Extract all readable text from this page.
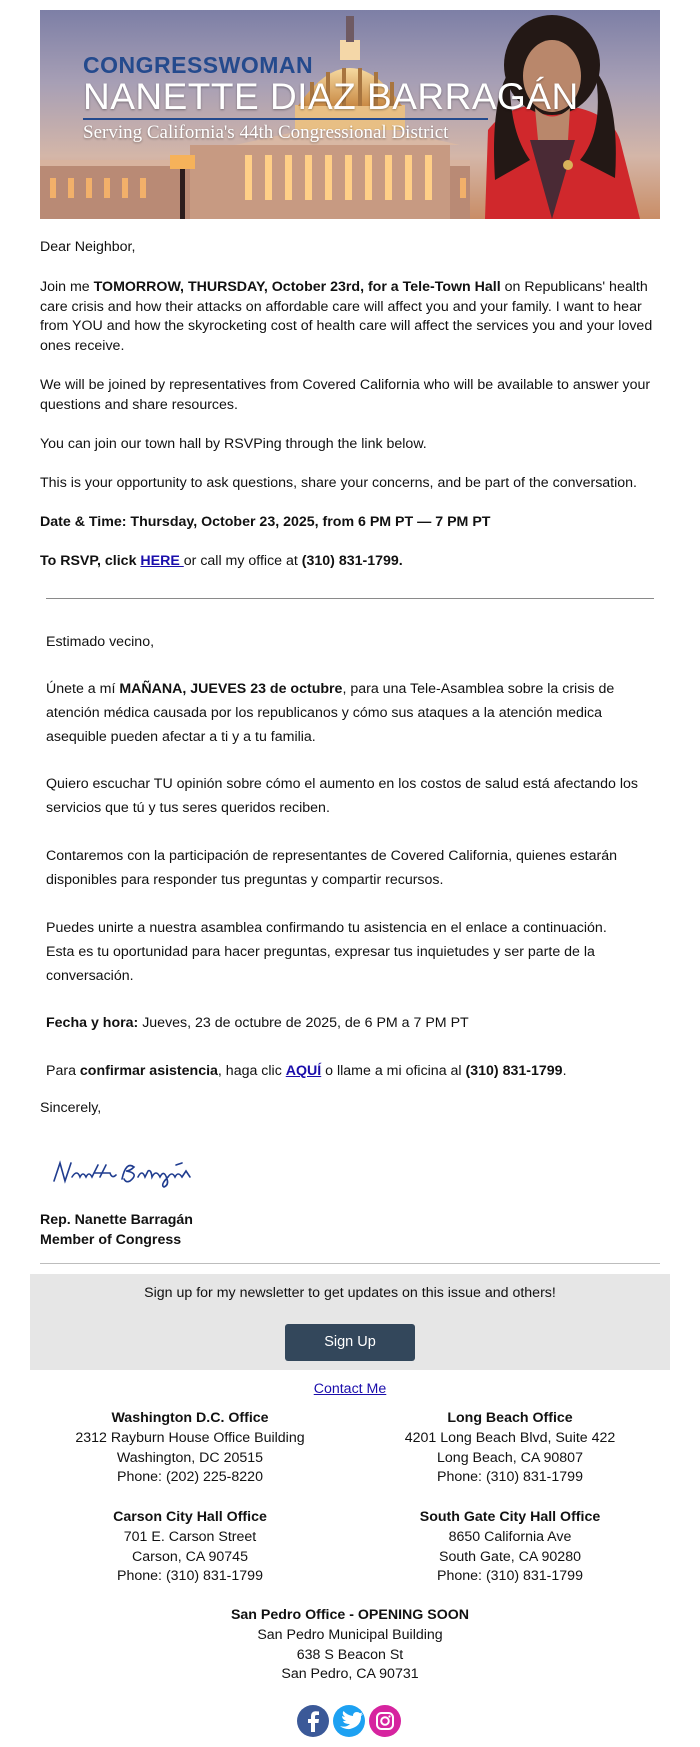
CONGRESSWOMAN
NANETTE DIAZ BARRAGÁN
Serving California's 44th Congressional District
Dear Neighbor,
Join me TOMORROW, THURSDAY, October 23rd, for a Tele-Town Hall on Republicans' health care crisis and how their attacks on affordable care will affect you and your family. I want to hear from YOU and how the skyrocketing cost of health care will affect the services you and your loved ones receive.
We will be joined by representatives from Covered California who will be available to answer your questions and share resources.
You can join our town hall by RSVPing through the link below.
This is your opportunity to ask questions, share your concerns, and be part of the conversation.
Date & Time: Thursday, October 23, 2025, from 6 PM PT — 7 PM PT
To RSVP, click HERE or call my office at (310) 831-1799.
Estimado vecino,
Únete a mí MAÑANA, JUEVES 23 de octubre, para una Tele-Asamblea sobre la crisis de atención médica causada por los republicanos y cómo sus ataques a la atención medica asequible pueden afectar a ti y a tu familia.
Quiero escuchar TU opinión sobre cómo el aumento en los costos de salud está afectando los servicios que tú y tus seres queridos reciben.
Contaremos con la participación de representantes de Covered California, quienes estarán disponibles para responder tus preguntas y compartir recursos.
Puedes unirte a nuestra asamblea confirmando tu asistencia en el enlace a continuación.
Esta es tu oportunidad para hacer preguntas, expresar tus inquietudes y ser parte de la conversación.
Fecha y hora: Jueves, 23 de octubre de 2025, de 6 PM a 7 PM PT
Para confirmar asistencia, haga clic AQUÍ o llame a mi oficina al (310) 831-1799.
Sincerely,
Rep. Nanette Barragán
Member of Congress
Sign up for my newsletter to get updates on this issue and others!
Sign Up
Contact Me
Washington D.C. Office
2312 Rayburn House Office Building
Washington, DC 20515
Phone: (202) 225-8220
Long Beach Office
4201 Long Beach Blvd, Suite 422
Long Beach, CA 90807
Phone: (310) 831-1799
Carson City Hall Office
701 E. Carson Street
Carson, CA 90745
Phone: (310) 831-1799
South Gate City Hall Office
8650 California Ave
South Gate, CA 90280
Phone: (310) 831-1799
San Pedro Office - OPENING SOON
San Pedro Municipal Building
638 S Beacon St
San Pedro, CA 90731
